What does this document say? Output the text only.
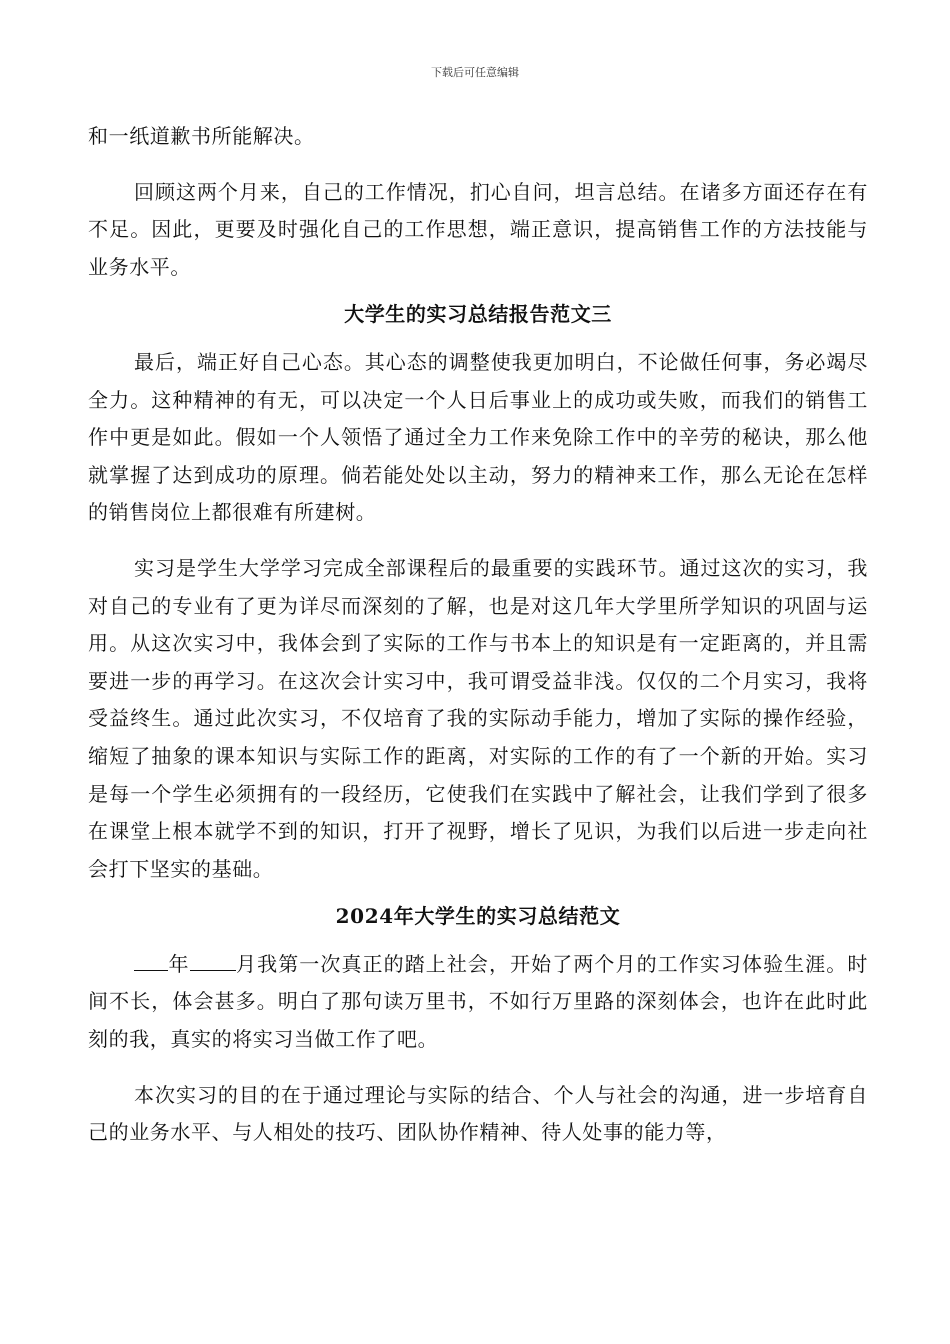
下载后可任意编辑

和一纸道歉书所能解决。

回顾这两个月来，自己的工作情况，扪心自问，坦言总结。在诸多方面还存在有不足。因此，更要及时强化自己的工作思想，端正意识，提高销售工作的方法技能与业务水平。

大学生的实习总结报告范文三

最后，端正好自己心态。其心态的调整使我更加明白，不论做任何事，务必竭尽全力。这种精神的有无，可以决定一个人日后事业上的成功或失败，而我们的销售工作中更是如此。假如一个人领悟了通过全力工作来免除工作中的辛劳的秘诀，那么他就掌握了达到成功的原理。倘若能处处以主动，努力的精神来工作，那么无论在怎样的销售岗位上都很难有所建树。

实习是学生大学学习完成全部课程后的最重要的实践环节。通过这次的实习，我对自己的专业有了更为详尽而深刻的了解，也是对这几年大学里所学知识的巩固与运用。从这次实习中，我体会到了实际的工作与书本上的知识是有一定距离的，并且需要进一步的再学习。在这次会计实习中，我可谓受益非浅。仅仅的二个月实习，我将受益终生。通过此次实习，不仅培育了我的实际动手能力，增加了实际的操作经验，缩短了抽象的课本知识与实际工作的距离，对实际的工作的有了一个新的开始。实习是每一个学生必须拥有的一段经历，它使我们在实践中了解社会，让我们学到了很多在课堂上根本就学不到的知识，打开了视野，增长了见识，为我们以后进一步走向社会打下坚实的基础。

2024年大学生的实习总结范文

年 月我第一次真正的踏上社会，开始了两个月的工作实习体验生涯。时间不长，体会甚多。明白了那句读万里书，不如行万里路的深刻体会，也许在此时此刻的我，真实的将实习当做工作了吧。

本次实习的目的在于通过理论与实际的结合、个人与社会的沟通，进一步培育自己的业务水平、与人相处的技巧、团队协作精神、待人处事的能力等，
